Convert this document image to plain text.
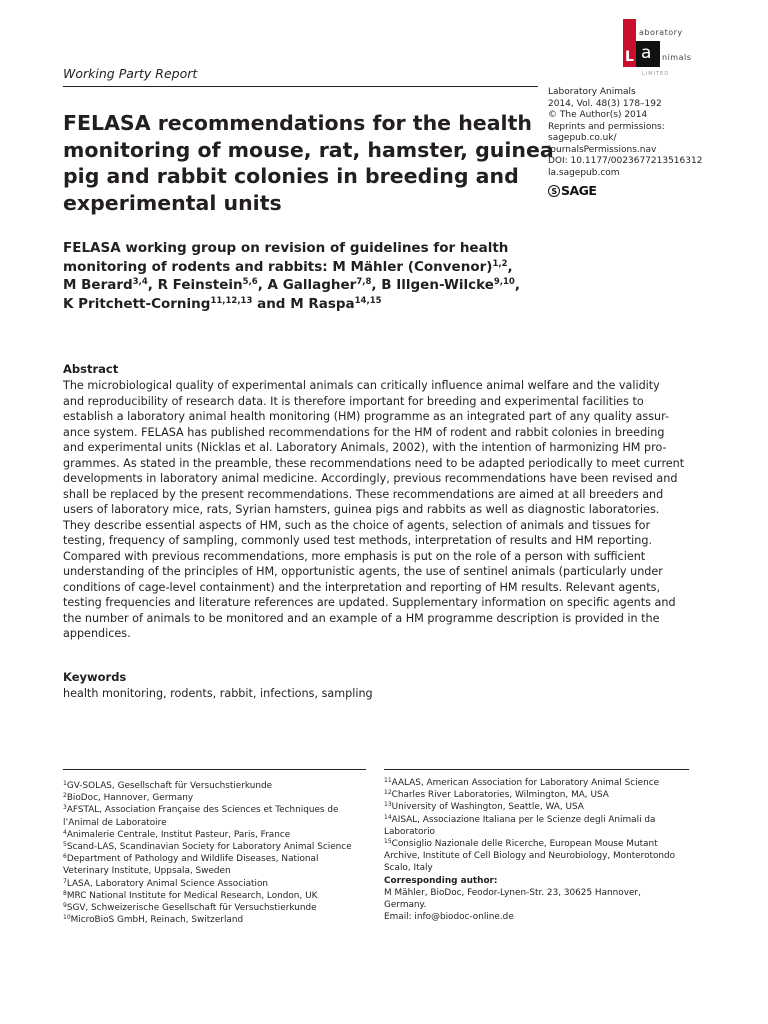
Working Party Report
L a
aboratory
nimals
LIMITED
Laboratory Animals
2014, Vol. 48(3) 178–192
© The Author(s) 2014
Reprints and permissions:
sagepub.co.uk/
journalsPermissions.nav
DOI: 10.1177/0023677213516312
la.sagepub.com
S SAGE
FELASA recommendations for the health
monitoring of mouse, rat, hamster, guinea
pig and rabbit colonies in breeding and
experimental units
FELASA working group on revision of guidelines for health
monitoring of rodents and rabbits: M Mähler (Convenor)$^{1,2}$,
M Berard$^{3,4}$, R Feinstein$^{5,6}$, A Gallagher$^{7,8}$, B Illgen-Wilcke$^{9,10}$,
K Pritchett-Corning$^{11,12,13}$ and M Raspa$^{14,15}$
Abstract
The microbiological quality of experimental animals can critically influence animal welfare and the validity
and reproducibility of research data. It is therefore important for breeding and experimental facilities to
establish a laboratory animal health monitoring (HM) programme as an integrated part of any quality assur-
ance system. FELASA has published recommendations for the HM of rodent and rabbit colonies in breeding
and experimental units (Nicklas et al. Laboratory Animals, 2002), with the intention of harmonizing HM pro-
grammes. As stated in the preamble, these recommendations need to be adapted periodically to meet current
developments in laboratory animal medicine. Accordingly, previous recommendations have been revised and
shall be replaced by the present recommendations. These recommendations are aimed at all breeders and
users of laboratory mice, rats, Syrian hamsters, guinea pigs and rabbits as well as diagnostic laboratories.
They describe essential aspects of HM, such as the choice of agents, selection of animals and tissues for
testing, frequency of sampling, commonly used test methods, interpretation of results and HM reporting.
Compared with previous recommendations, more emphasis is put on the role of a person with sufficient
understanding of the principles of HM, opportunistic agents, the use of sentinel animals (particularly under
conditions of cage-level containment) and the interpretation and reporting of HM results. Relevant agents,
testing frequencies and literature references are updated. Supplementary information on specific agents and
the number of animals to be monitored and an example of a HM programme description is provided in the
appendices.
Keywords
health monitoring, rodents, rabbit, infections, sampling
$^1$GV-SOLAS, Gesellschaft für Versuchstierkunde
$^2$BioDoc, Hannover, Germany
$^3$AFSTAL, Association Française des Sciences et Techniques de
l’Animal de Laboratoire
$^4$Animalerie Centrale, Institut Pasteur, Paris, France
$^5$Scand-LAS, Scandinavian Society for Laboratory Animal Science
$^6$Department of Pathology and Wildlife Diseases, National
Veterinary Institute, Uppsala, Sweden
$^7$LASA, Laboratory Animal Science Association
$^8$MRC National Institute for Medical Research, London, UK
$^9$SGV, Schweizerische Gesellschaft für Versuchstierkunde
$^{10}$MicroBioS GmbH, Reinach, Switzerland
$^{11}$AALAS, American Association for Laboratory Animal Science
$^{12}$Charles River Laboratories, Wilmington, MA, USA
$^{13}$University of Washington, Seattle, WA, USA
$^{14}$AISAL, Associazione Italiana per le Scienze degli Animali da
Laboratorio
$^{15}$Consiglio Nazionale delle Ricerche, European Mouse Mutant
Archive, Institute of Cell Biology and Neurobiology, Monterotondo
Scalo, Italy
Corresponding author:
M Mähler, BioDoc, Feodor-Lynen-Str. 23, 30625 Hannover,
Germany.
Email: info@biodoc-online.de
